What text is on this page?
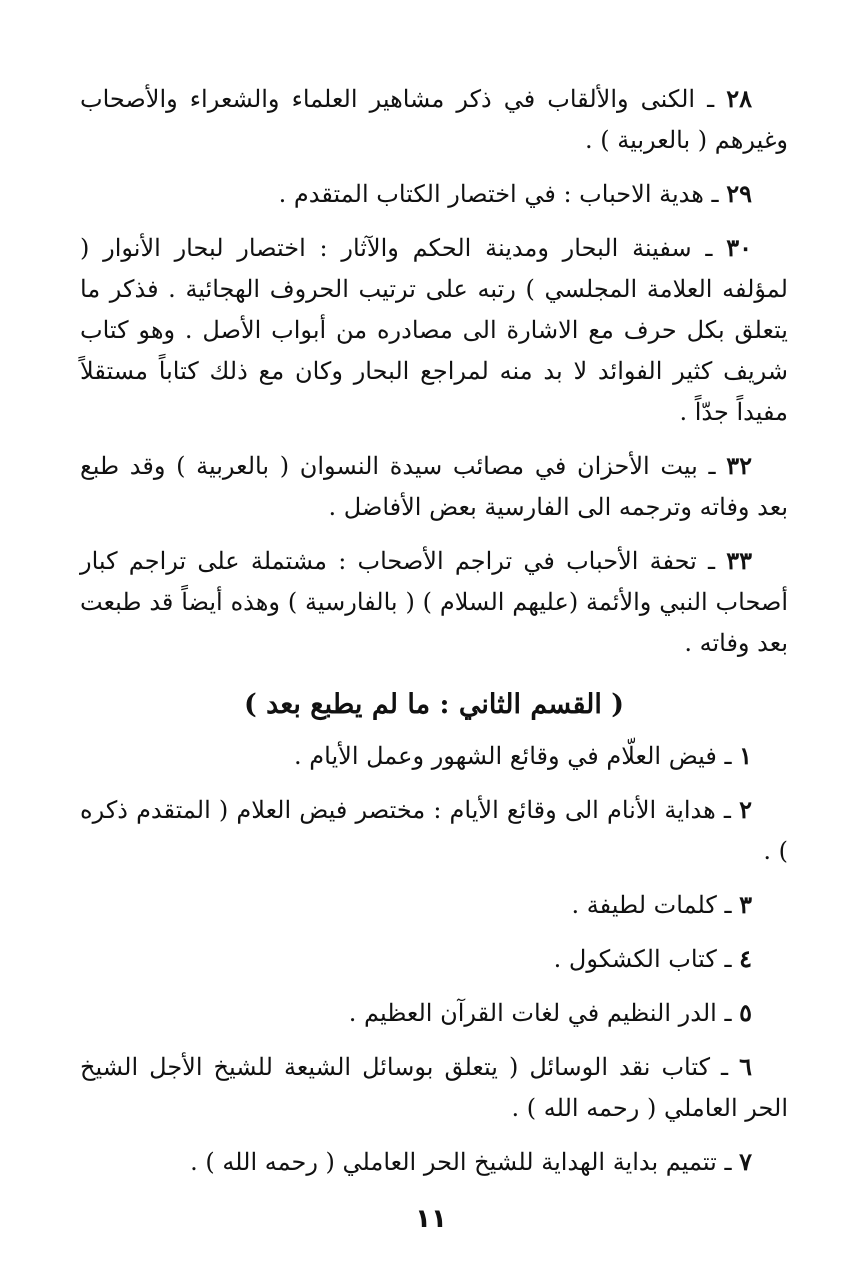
٢٨ ـ الكنى والألقاب في ذكر مشاهير العلماء والشعراء والأصحاب وغيرهم ( بالعربية ) .

٢٩ ـ هدية الاحباب : في اختصار الكتاب المتقدم .

٣٠ ـ سفينة البحار ومدينة الحكم والآثار : اختصار لبحار الأنوار ( لمؤلفه العلامة المجلسي ) رتبه على ترتيب الحروف الهجائية . فذكر ما يتعلق بكل حرف مع الاشارة الى مصادره من أبواب الأصل . وهو كتاب شريف كثير الفوائد لا بد منه لمراجع البحار وكان مع ذلك كتاباً مستقلاً مفيداً جدّاً .

٣٢ ـ بيت الأحزان في مصائب سيدة النسوان ( بالعربية ) وقد طبع بعد وفاته وترجمه الى الفارسية بعض الأفاضل .

٣٣ ـ تحفة الأحباب في تراجم الأصحاب : مشتملة على تراجم كبار أصحاب النبي والأئمة (عليهم السلام ) ( بالفارسية ) وهذه أيضاً قد طبعت بعد وفاته .

( القسم الثاني : ما لم يطبع بعد )

١ ـ فيض العلّام في وقائع الشهور وعمل الأيام .

٢ ـ هداية الأنام الى وقائع الأيام : مختصر فيض العلام ( المتقدم ذكره ) .

٣ ـ كلمات لطيفة .

٤ ـ كتاب الكشكول .

٥ ـ الدر النظيم في لغات القرآن العظيم .

٦ ـ كتاب نقد الوسائل ( يتعلق بوسائل الشيعة للشيخ الأجل الشيخ الحر العاملي ( رحمه الله ) .

٧ ـ تتميم بداية الهداية للشيخ الحر العاملي ( رحمه الله ) .

١١
